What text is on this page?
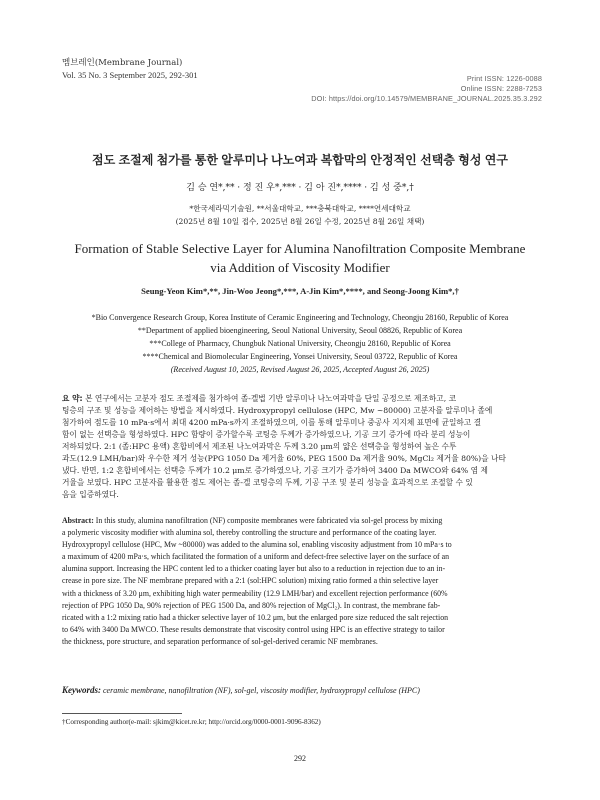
멤브레인(Membrane Journal)
Vol. 35 No. 3 September 2025, 292-301	Print ISSN: 1226-0088
Online ISSN: 2288-7253
DOI: https://doi.org/10.14579/MEMBRANE_JOURNAL.2025.35.3.292
점도 조절제 첨가를 통한 알루미나 나노여과 복합막의 안정적인 선택층 형성 연구
김 승 연*,** · 정 진 우*,*** · 김 아 진*,**** · 김 성 중*,†
*한국세라믹기술원, **서울대학교, ***충북대학교, ****연세대학교
(2025년 8월 10일 접수, 2025년 8월 26일 수정, 2025년 8월 26일 채택)
Formation of Stable Selective Layer for Alumina Nanofiltration Composite Membrane
via Addition of Viscosity Modifier
Seung-Yeon Kim*,**, Jin-Woo Jeong*,***, A-Jin Kim*,****, and Seong-Joong Kim*,†
*Bio Convergence Research Group, Korea Institute of Ceramic Engineering and Technology, Cheongju 28160, Republic of Korea
**Department of applied bioengineering, Seoul National University, Seoul 08826, Republic of Korea
***College of Pharmacy, Chungbuk National University, Cheongju 28160, Republic of Korea
****Chemical and Biomolecular Engineering, Yonsei University, Seoul 03722, Republic of Korea
(Received August 10, 2025, Revised August 26, 2025, Accepted August 26, 2025)
요 약: 본 연구에서는 고분자 점도 조절제를 첨가하여 졸-겔법 기반 알루미나 나노여과막을 단일 공정으로 제조하고, 코
팅층의 구조 및 성능을 제어하는 방법을 제시하였다. Hydroxypropyl cellulose (HPC, Mw ~80000) 고분자를 알루미나 졸에
첨가하여 점도를 10 mPa·s에서 최대 4200 mPa·s까지 조절하였으며, 이를 통해 알루미나 중공사 지지체 표면에 균일하고 결
함이 없는 선택층을 형성하였다. HPC 함량이 증가할수록 코팅층 두께가 증가하였으나, 기공 크기 증가에 따라 분리 성능이
저하되었다. 2:1 (졸:HPC 용액) 혼합비에서 제조된 나노여과막은 두께 3.20 μm의 얇은 선택층을 형성하여 높은 수투
과도(12.9 LMH/bar)와 우수한 제거 성능(PPG 1050 Da 제거율 60%, PEG 1500 Da 제거율 90%, MgCl₂ 제거율 80%)을 나타
냈다. 반면, 1:2 혼합비에서는 선택층 두께가 10.2 μm로 증가하였으나, 기공 크기가 증가하여 3400 Da MWCO와 64% 염 제
거율을 보였다. HPC 고분자를 활용한 점도 제어는 졸-겔 코팅층의 두께, 기공 구조 및 분리 성능을 효과적으로 조절할 수 있
음을 입증하였다.
Abstract: In this study, alumina nanofiltration (NF) composite membranes were fabricated via sol-gel process by mixing
a polymeric viscosity modifier with alumina sol, thereby controlling the structure and performance of the coating layer.
Hydroxypropyl cellulose (HPC, Mw ~80000) was added to the alumina sol, enabling viscosity adjustment from 10 mPa·s to
a maximum of 4200 mPa·s, which facilitated the formation of a uniform and defect-free selective layer on the surface of an
alumina support. Increasing the HPC content led to a thicker coating layer but also to a reduction in rejection due to an in-
crease in pore size. The NF membrane prepared with a 2:1 (sol:HPC solution) mixing ratio formed a thin selective layer
with a thickness of 3.20 μm, exhibiting high water permeability (12.9 LMH/bar) and excellent rejection performance (60%
rejection of PPG 1050 Da, 90% rejection of PEG 1500 Da, and 80% rejection of MgCl₂). In contrast, the membrane fab-
ricated with a 1:2 mixing ratio had a thicker selective layer of 10.2 μm, but the enlarged pore size reduced the salt rejection
to 64% with 3400 Da MWCO. These results demonstrate that viscosity control using HPC is an effective strategy to tailor
the thickness, pore structure, and separation performance of sol-gel-derived ceramic NF membranes.
Keywords: ceramic membrane, nanofiltration (NF), sol-gel, viscosity modifier, hydroxypropyl cellulose (HPC)
†Corresponding author(e-mail: sjkim@kicet.re.kr; http://orcid.org/0000-0001-9096-8362)
292
